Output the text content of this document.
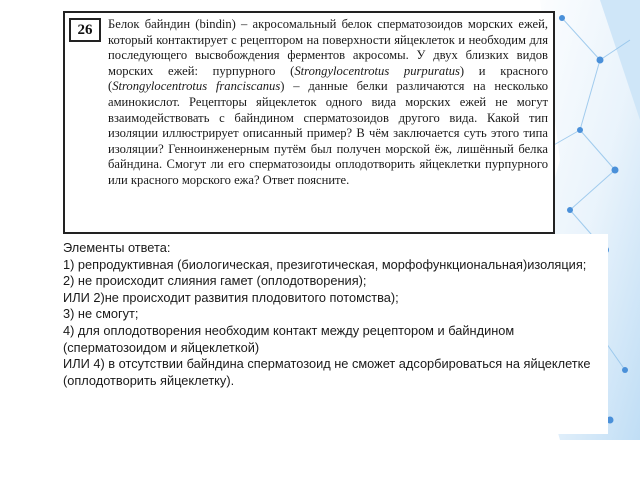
26	Белок байндин (bindin) – акросомальный белок сперматозоидов морских ежей, который контактирует с рецептором на поверхности яйцеклеток и необходим для последующего высвобождения ферментов акросомы. У двух близких видов морских ежей: пурпурного (Strongylocentrotus purpuratus) и красного (Strongylocentrotus franciscanus) – данные белки различаются на несколько аминокислот. Рецепторы яйцеклеток одного вида морских ежей не могут взаимодействовать с байндином сперматозоидов другого вида. Какой тип изоляции иллюстрирует описанный пример? В чём заключается суть этого типа изоляции? Генноинженерным путём был получен морской ёж, лишённый белка байндина. Смогут ли его сперматозоиды оплодотворить яйцеклетки пурпурного или красного морского ежа? Ответ поясните.
Элементы ответа:
1) репродуктивная (биологическая, презиготическая, морфофункциональная)изоляция;
2) не происходит слияния гамет (оплодотворения);
ИЛИ 2)не происходит развития плодовитого потомства);
3) не смогут;
4) для оплодотворения необходим контакт между рецептором и байндином
(сперматозоидом и яйцеклеткой)
ИЛИ 4) в отсутствии байндина сперматозоид не сможет адсорбироваться на яйцеклетке
(оплодотворить яйцеклетку).
